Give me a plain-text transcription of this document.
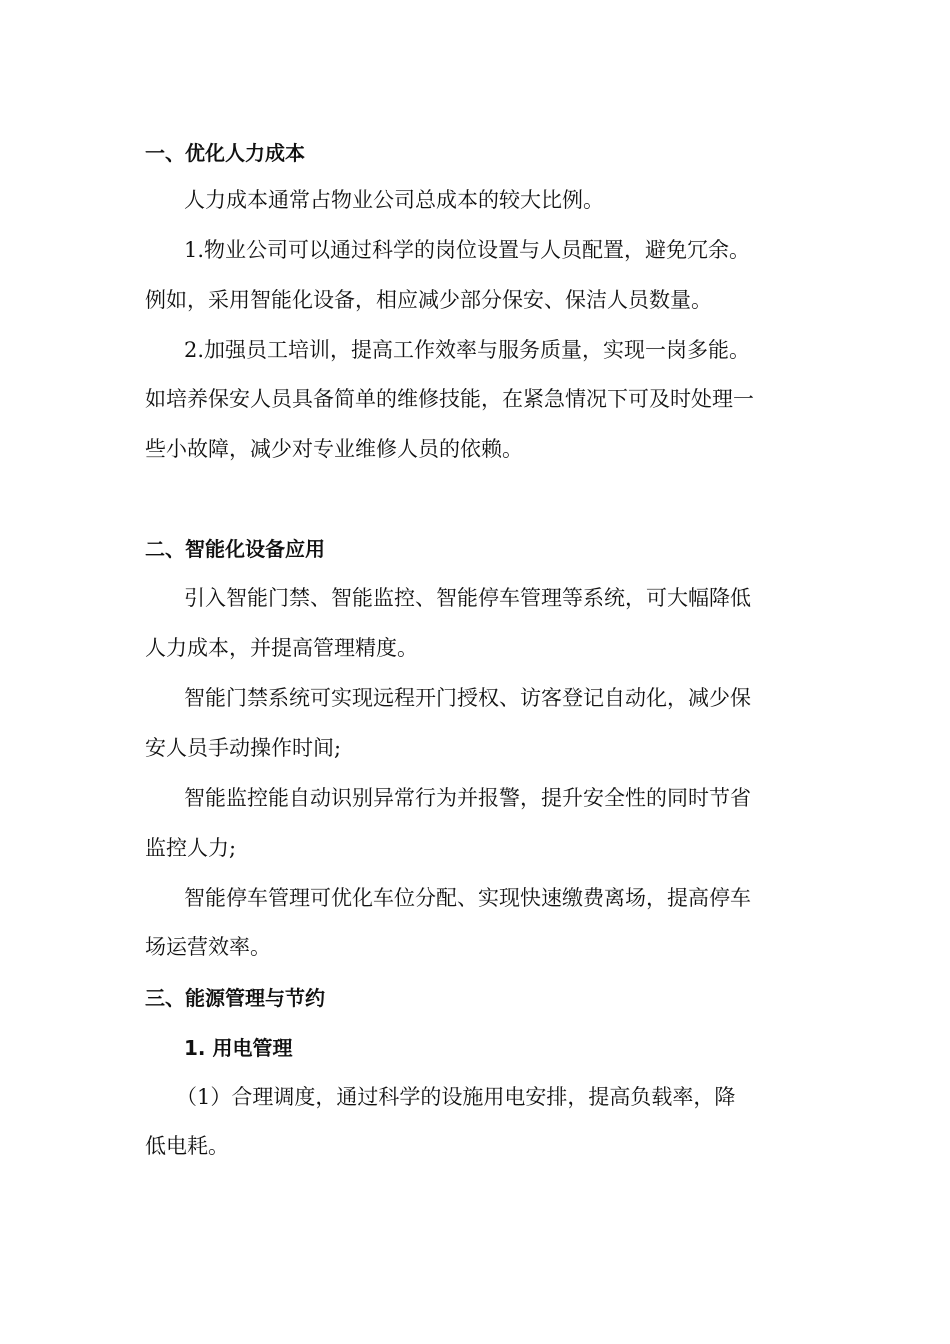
一、优化人力成本
人力成本通常占物业公司总成本的较大比例。
1.物业公司可以通过科学的岗位设置与人员配置，避免冗余。
例如，采用智能化设备，相应减少部分保安、保洁人员数量。
2.加强员工培训，提高工作效率与服务质量，实现一岗多能。
如培养保安人员具备简单的维修技能，在紧急情况下可及时处理一
些小故障，减少对专业维修人员的依赖。
二、智能化设备应用
引入智能门禁、智能监控、智能停车管理等系统，可大幅降低
人力成本，并提高管理精度。
智能门禁系统可实现远程开门授权、访客登记自动化，减少保
安人员手动操作时间;
智能监控能自动识别异常行为并报警，提升安全性的同时节省
监控人力;
智能停车管理可优化车位分配、实现快速缴费离场，提高停车
场运营效率。
三、能源管理与节约
1. 用电管理
（1）合理调度，通过科学的设施用电安排，提高负载率，降
低电耗。
